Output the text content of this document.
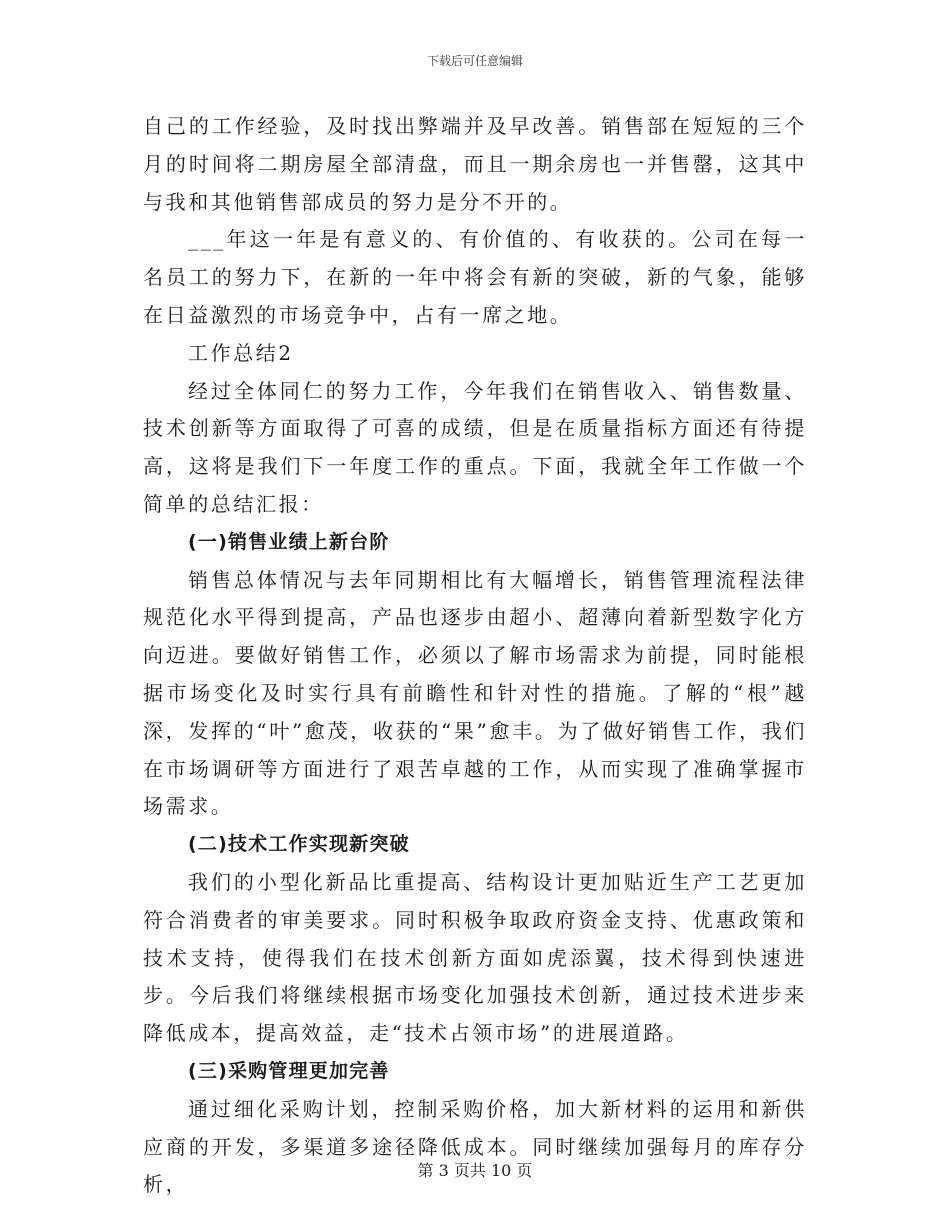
下载后可任意编辑

自己的工作经验，及时找出弊端并及早改善。销售部在短短的三个月的时间将二期房屋全部清盘，而且一期余房也一并售罄，这其中与我和其他销售部成员的努力是分不开的。

___年这一年是有意义的、有价值的、有收获的。公司在每一名员工的努力下，在新的一年中将会有新的突破，新的气象，能够在日益激烈的市场竞争中，占有一席之地。

工作总结2

经过全体同仁的努力工作，今年我们在销售收入、销售数量、技术创新等方面取得了可喜的成绩，但是在质量指标方面还有待提高，这将是我们下一年度工作的重点。下面，我就全年工作做一个简单的总结汇报：

(一)销售业绩上新台阶

销售总体情况与去年同期相比有大幅增长，销售管理流程法律规范化水平得到提高，产品也逐步由超小、超薄向着新型数字化方向迈进。要做好销售工作，必须以了解市场需求为前提，同时能根据市场变化及时实行具有前瞻性和针对性的措施。了解的“根”越深，发挥的“叶”愈茂，收获的“果”愈丰。为了做好销售工作，我们在市场调研等方面进行了艰苦卓越的工作，从而实现了准确掌握市场需求。

(二)技术工作实现新突破

我们的小型化新品比重提高、结构设计更加贴近生产工艺更加符合消费者的审美要求。同时积极争取政府资金支持、优惠政策和技术支持，使得我们在技术创新方面如虎添翼，技术得到快速进步。今后我们将继续根据市场变化加强技术创新，通过技术进步来降低成本，提高效益，走“技术占领市场”的进展道路。

(三)采购管理更加完善

通过细化采购计划，控制采购价格，加大新材料的运用和新供应商的开发，多渠道多途径降低成本。同时继续加强每月的库存分析，

第 3 页共 10 页
